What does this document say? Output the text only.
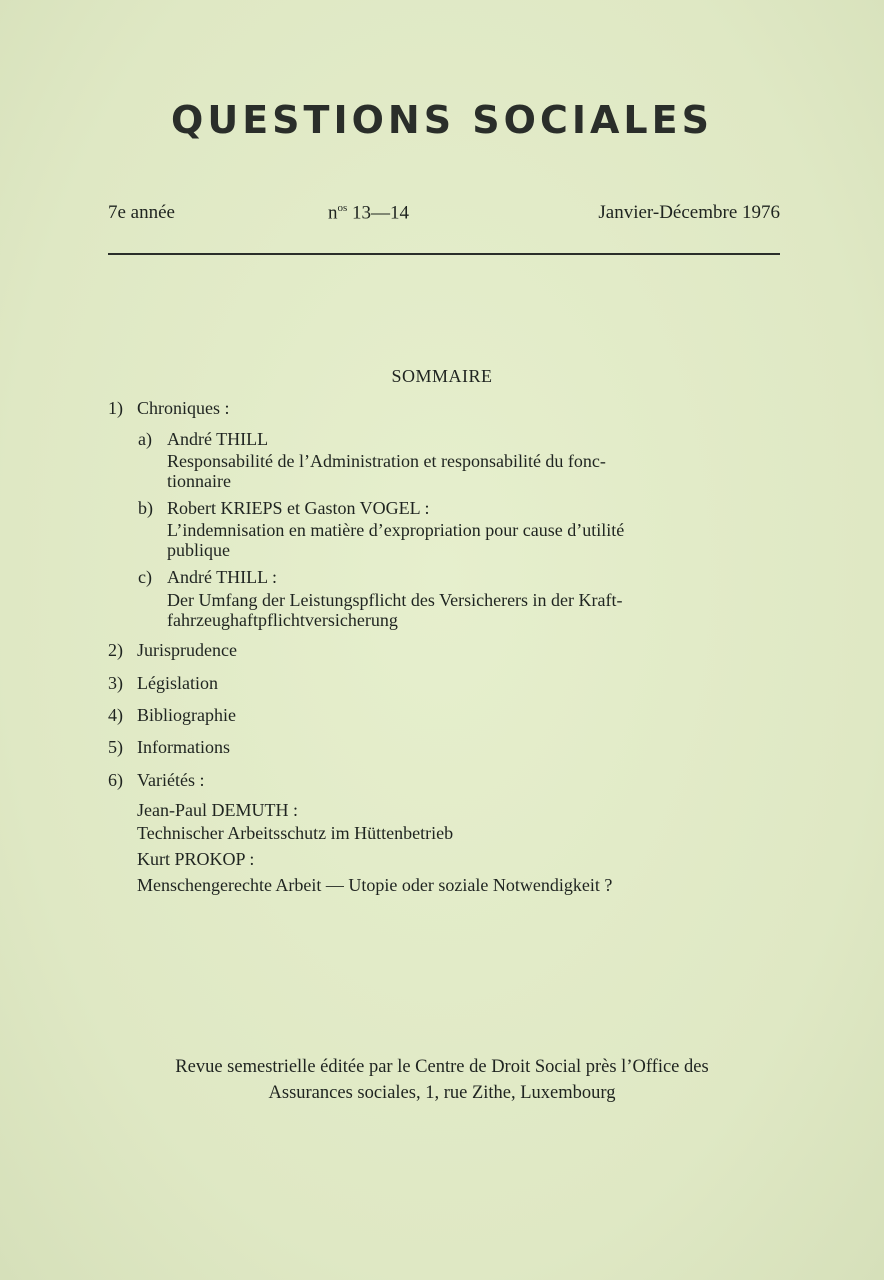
QUESTIONS SOCIALES
7e année	$n^{os}$ 13—14	Janvier-Décembre 1976
SOMMAIRE
1) Chroniques :
a) André THILL
Responsabilité de l’Administration et responsabilité du fonc-
tionnaire
b) Robert KRIEPS et Gaston VOGEL :
L’indemnisation en matière d’expropriation pour cause d’utilité
publique
c) André THILL :
Der Umfang der Leistungspflicht des Versicherers in der Kraft-
fahrzeughaftpflichtversicherung
2) Jurisprudence
3) Législation
4) Bibliographie
5) Informations
6) Variétés :
Jean-Paul DEMUTH :
Technischer Arbeitsschutz im Hüttenbetrieb
Kurt PROKOP :
Menschengerechte Arbeit — Utopie oder soziale Notwendigkeit ?
Revue semestrielle éditée par le Centre de Droit Social près l’Office des
Assurances sociales, 1, rue Zithe, Luxembourg
